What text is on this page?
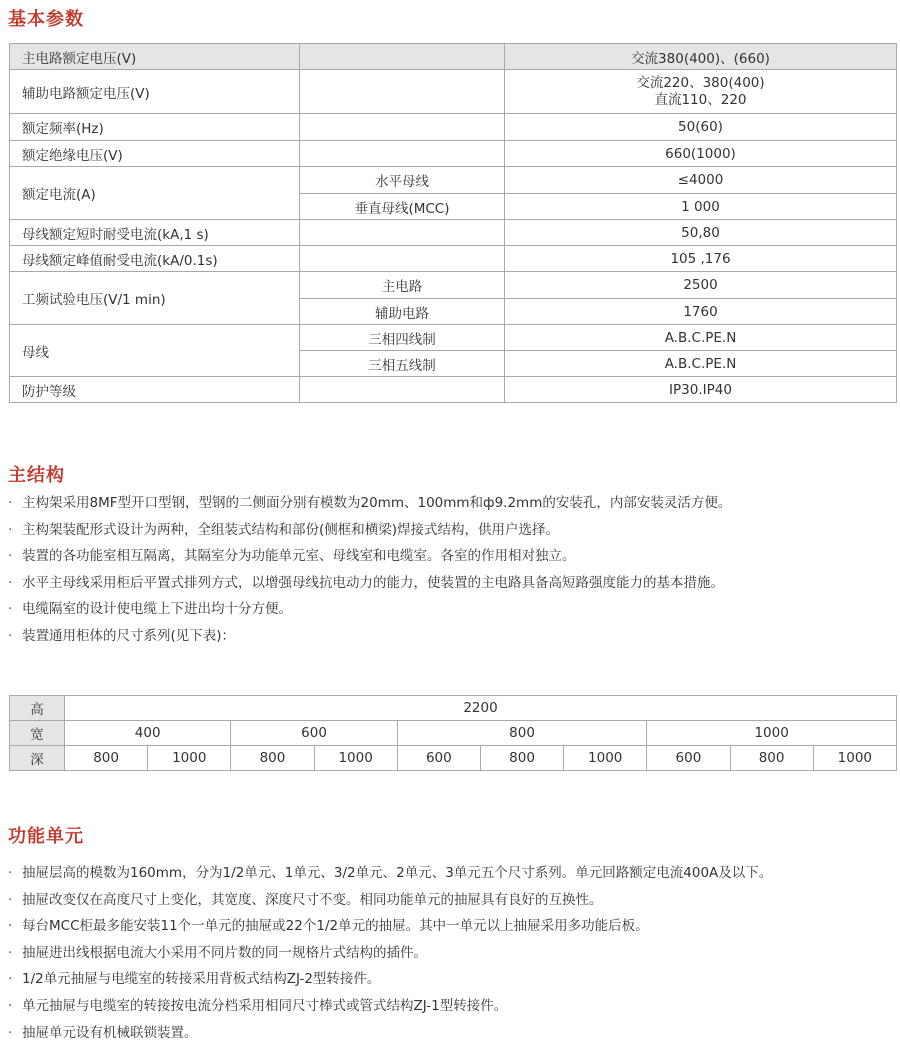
基本参数
主电路额定电压(V)		交流380(400)、(660)
辅助电路额定电压(V)		交流220、380(400)
直流110、220

额定频率(Hz)		50(60)
额定绝缘电压(V)		660(1000)
额定电流(A)	水平母线	≤4000
	垂直母线(MCC)	1 000
母线额定短时耐受电流(kA,1 s)		50,80
母线额定峰值耐受电流(kA/0.1s)		105 ,176
工频试验电压(V/1 min)	主电路	2500
	辅助电路	1760
母线	三相四线制	A.B.C.PE.N
	三相五线制	A.B.C.PE.N
防护等级		IP30.IP40
主结构
· 主构架采用8MF型开口型钢，型钢的二侧面分别有模数为20mm、100mm和ф9.2mm的安装孔，内部安装灵活方便。
· 主构架装配形式设计为两种，全组装式结构和部份(侧框和横梁)焊接式结构，供用户选择。
· 装置的各功能室相互隔离，其隔室分为功能单元室、母线室和电缆室。各室的作用相对独立。
· 水平主母线采用柜后平置式排列方式，以增强母线抗电动力的能力，使装置的主电路具备高短路强度能力的基本措施。
· 电缆隔室的设计使电缆上下进出均十分方便。
· 装置通用柜体的尺寸系列(见下表)：
高	2200									
宽	400		600		800			1000		
深	800	1000	800	1000	600	800	1000	600	800	1000
功能单元
· 抽屉层高的模数为160mm，分为1/2单元、1单元、3/2单元、2单元、3单元五个尺寸系列。单元回路额定电流400A及以下。
· 抽屉改变仅在高度尺寸上变化，其宽度、深度尺寸不变。相同功能单元的抽屉具有良好的互换性。
· 每台MCC柜最多能安装11个一单元的抽屉或22个1/2单元的抽屉。其中一单元以上抽屉采用多功能后板。
· 抽屉进出线根据电流大小采用不同片数的同一规格片式结构的插件。
· 1/2单元抽屉与电缆室的转接采用背板式结构ZJ-2型转接件。
· 单元抽屉与电缆室的转接按电流分档采用相同尺寸棒式或管式结构ZJ-1型转接件。
· 抽屉单元设有机械联锁装置。
